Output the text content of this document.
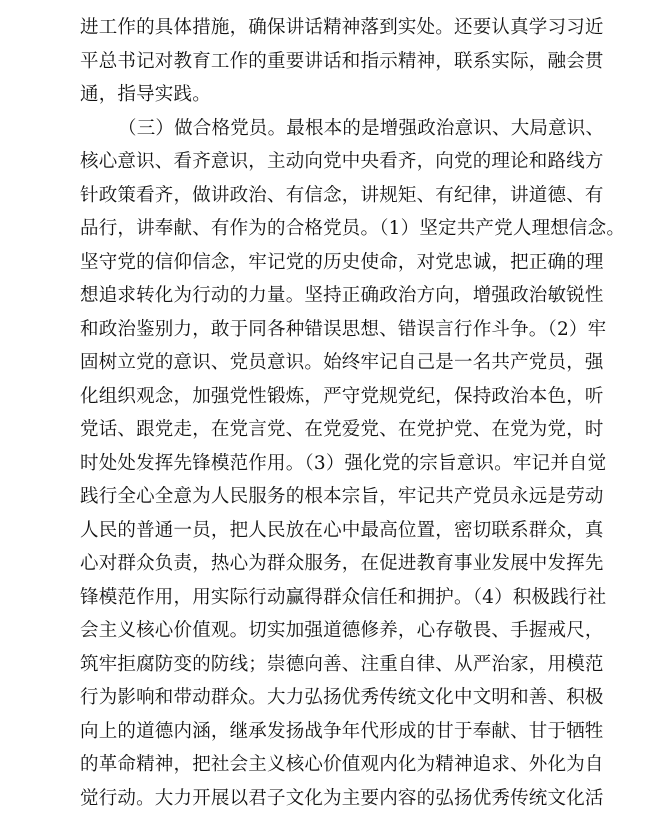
进工作的具体措施，确保讲话精神落到实处。还要认真学习习近
平总书记对教育工作的重要讲话和指示精神，联系实际，融会贯
通，指导实践。
（三）做合格党员。最根本的是增强政治意识、大局意识、
核心意识、看齐意识，主动向党中央看齐，向党的理论和路线方
针政策看齐，做讲政治、有信念，讲规矩、有纪律，讲道德、有
品行，讲奉献、有作为的合格党员。（1）坚定共产党人理想信念。
坚守党的信仰信念，牢记党的历史使命，对党忠诚，把正确的理
想追求转化为行动的力量。坚持正确政治方向，增强政治敏锐性
和政治鉴别力，敢于同各种错误思想、错误言行作斗争。（2）牢
固树立党的意识、党员意识。始终牢记自己是一名共产党员，强
化组织观念，加强党性锻炼，严守党规党纪，保持政治本色，听
党话、跟党走，在党言党、在党爱党、在党护党、在党为党，时
时处处发挥先锋模范作用。（3）强化党的宗旨意识。牢记并自觉
践行全心全意为人民服务的根本宗旨，牢记共产党员永远是劳动
人民的普通一员，把人民放在心中最高位置，密切联系群众，真
心对群众负责，热心为群众服务，在促进教育事业发展中发挥先
锋模范作用，用实际行动赢得群众信任和拥护。（4）积极践行社
会主义核心价值观。切实加强道德修养，心存敬畏、手握戒尺，
筑牢拒腐防变的防线；崇德向善、注重自律、从严治家，用模范
行为影响和带动群众。大力弘扬优秀传统文化中文明和善、积极
向上的道德内涵，继承发扬战争年代形成的甘于奉献、甘于牺牲
的革命精神，把社会主义核心价值观内化为精神追求、外化为自
觉行动。大力开展以君子文化为主要内容的弘扬优秀传统文化活
